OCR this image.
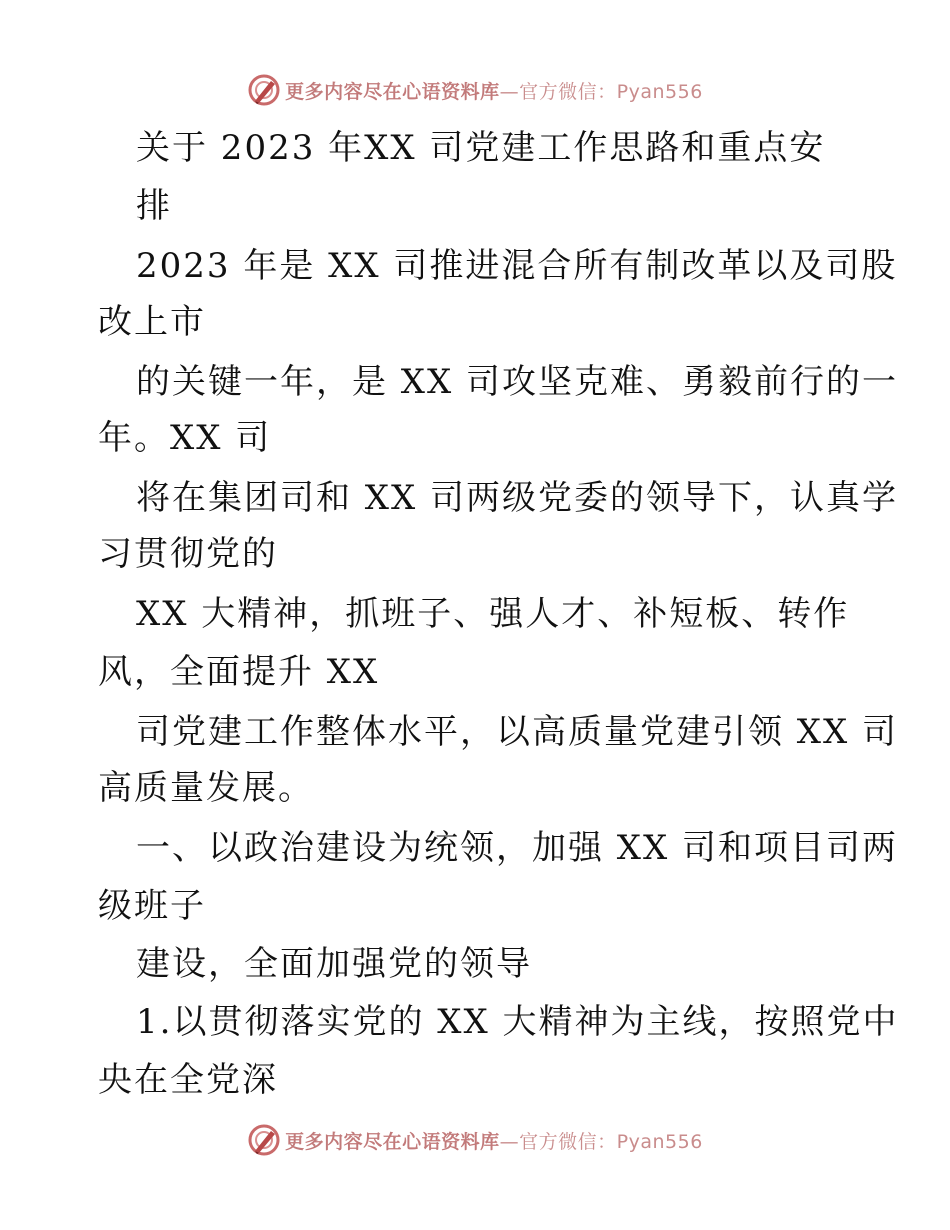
更多内容尽在心语资料库—官方微信：Pyan556
关于 2023 年XX 司党建工作思路和重点安
排
2023 年是 XX 司推进混合所有制改革以及司股
改上市
的关键一年，是 XX 司攻坚克难、勇毅前行的一
年。XX 司
将在集团司和 XX 司两级党委的领导下，认真学
习贯彻党的
XX 大精神，抓班子、强人才、补短板、转作
风，全面提升 XX
司党建工作整体水平，以高质量党建引领 XX 司
高质量发展。
一、以政治建设为统领，加强 XX 司和项目司两
级班子
建设，全面加强党的领导
1.以贯彻落实党的 XX 大精神为主线，按照党中
央在全党深
更多内容尽在心语资料库—官方微信：Pyan556
